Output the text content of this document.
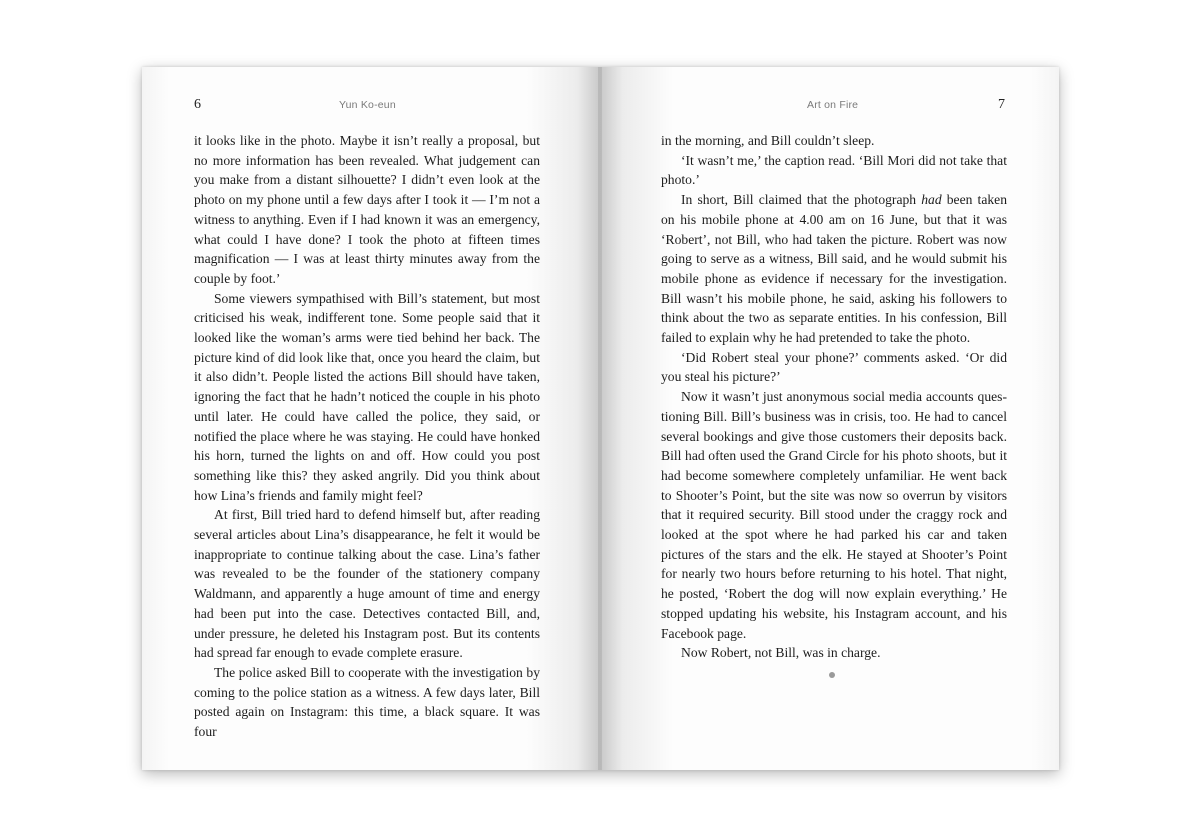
6	Yun Ko-eun

it looks like in the photo. Maybe it isn’t really a proposal, but no more information has been revealed. What judgement can you make from a distant silhouette? I didn’t even look at the photo on my phone until a few days after I took it — I’m not a witness to anything. Even if I had known it was an emergency, what could I have done? I took the photo at fifteen times magnification — I was at least thirty minutes away from the couple by foot.’

Some viewers sympathised with Bill’s statement, but most criticised his weak, indifferent tone. Some people said that it looked like the woman’s arms were tied behind her back. The picture kind of did look like that, once you heard the claim, but it also didn’t. People listed the actions Bill should have taken, ignoring the fact that he hadn’t noticed the couple in his photo until later. He could have called the police, they said, or notified the place where he was staying. He could have honked his horn, turned the lights on and off. How could you post something like this? they asked angrily. Did you think about how Lina’s friends and family might feel?

At first, Bill tried hard to defend himself but, after reading several articles about Lina’s disappearance, he felt it would be inappropriate to continue talking about the case. Lina’s father was revealed to be the founder of the stationery company Waldmann, and apparently a huge amount of time and energy had been put into the case. Detectives contacted Bill, and, under pressure, he deleted his Instagram post. But its contents had spread far enough to evade complete erasure.

The police asked Bill to cooperate with the investigation by coming to the police station as a witness. A few days later, Bill posted again on Instagram: this time, a black square. It was four

Art on Fire	7

in the morning, and Bill couldn’t sleep.

‘It wasn’t me,’ the caption read. ‘Bill Mori did not take that photo.’

In short, Bill claimed that the photograph had been taken on his mobile phone at 4.00 am on 16 June, but that it was ‘Robert’, not Bill, who had taken the picture. Robert was now going to serve as a witness, Bill said, and he would submit his mobile phone as evidence if necessary for the investigation. Bill wasn’t his mobile phone, he said, asking his followers to think about the two as separate entities. In his confession, Bill failed to explain why he had pretended to take the photo.

‘Did Robert steal your phone?’ comments asked. ‘Or did you steal his picture?’

Now it wasn’t just anonymous social media accounts questioning Bill. Bill’s business was in crisis, too. He had to cancel several bookings and give those customers their deposits back. Bill had often used the Grand Circle for his photo shoots, but it had become somewhere completely unfamiliar. He went back to Shooter’s Point, but the site was now so overrun by visitors that it required security. Bill stood under the craggy rock and looked at the spot where he had parked his car and taken pictures of the stars and the elk. He stayed at Shooter’s Point for nearly two hours before returning to his hotel. That night, he posted, ‘Robert the dog will now explain everything.’ He stopped updating his website, his Instagram account, and his Facebook page.

Now Robert, not Bill, was in charge.
